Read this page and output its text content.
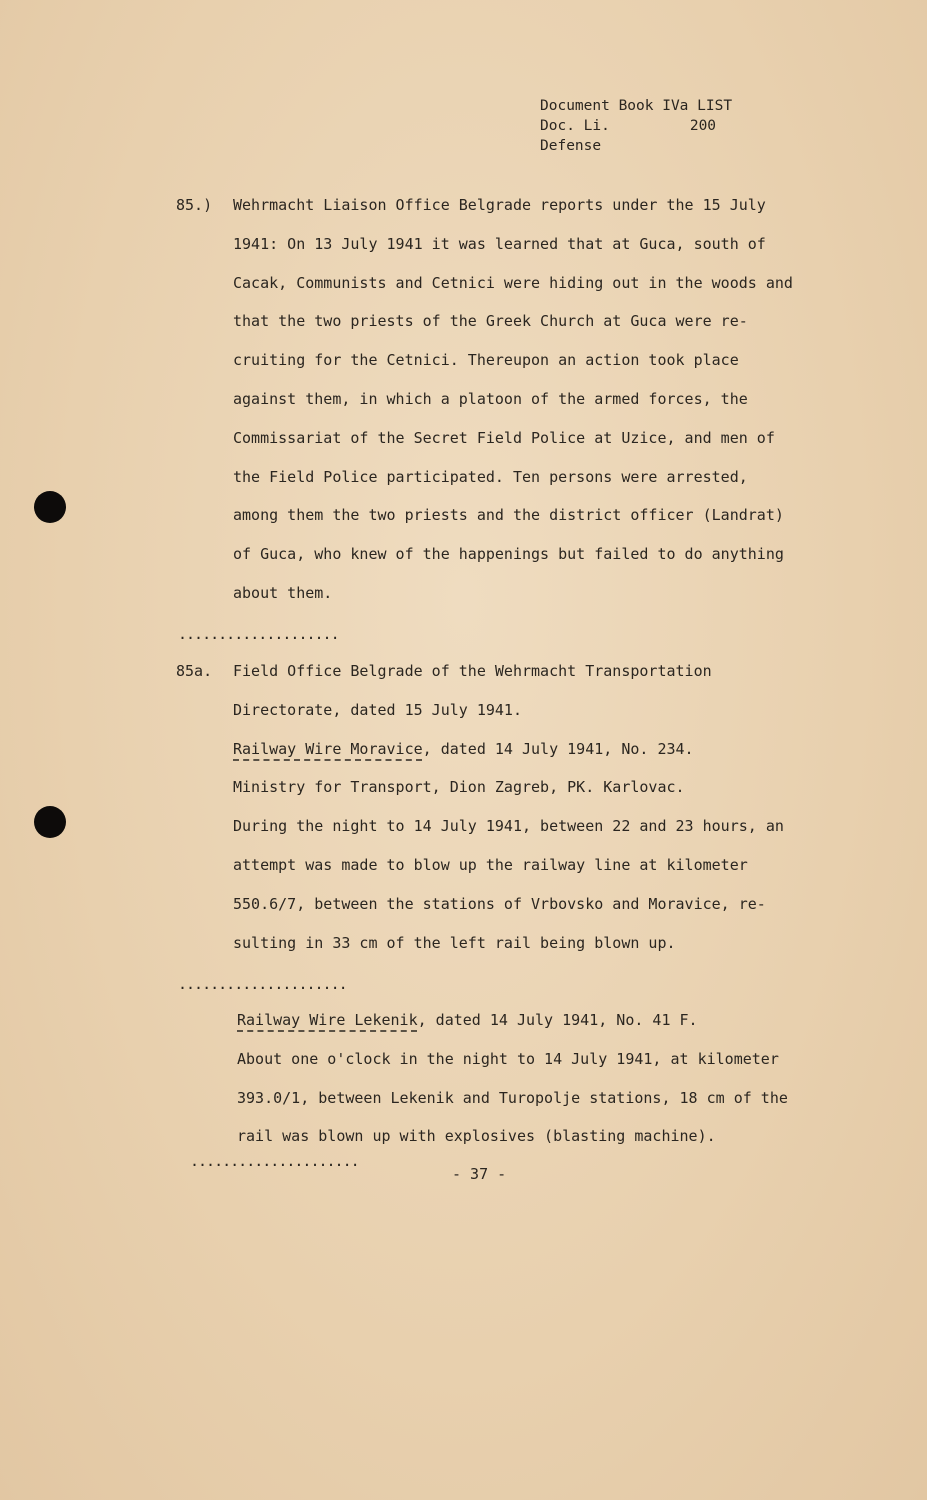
Document Book IVa LIST
Doc. Li.	200
Defense
85.) Wehrmacht Liaison Office Belgrade reports under the 15 July

1941: On 13 July 1941 it was learned that at Guca, south of

Cacak, Communists and Cetnici were hiding out in the woods and

that the two priests of the Greek Church at Guca were re-

cruiting for the Cetnici. Thereupon an action took place

against them, in which a platoon of the armed forces, the

Commissariat of the Secret Field Police at Uzice, and men of

the Field Police participated. Ten persons were arrested,

among them the two priests and the district officer (Landrat)

of Guca, who knew of the happenings but failed to do anything

about them.

....................
85a. Field Office Belgrade of the Wehrmacht Transportation

Directorate, dated 15 July 1941.

Railway Wire Moravice, dated 14 July 1941, No. 234.

Ministry for Transport, Dion Zagreb, PK. Karlovac.

During the night to 14 July 1941, between 22 and 23 hours, an

attempt was made to blow up the railway line at kilometer

550.6/7, between the stations of Vrbovsko and Moravice, re-

sulting in 33 cm of the left rail being blown up.

.....................

Railway Wire Lekenik, dated 14 July 1941, No. 41 F.

About one o'clock in the night to 14 July 1941, at kilometer

393.0/1, between Lekenik and Turopolje stations, 18 cm of the

rail was blown up with explosives (blasting machine).

.....................
- 37 -
